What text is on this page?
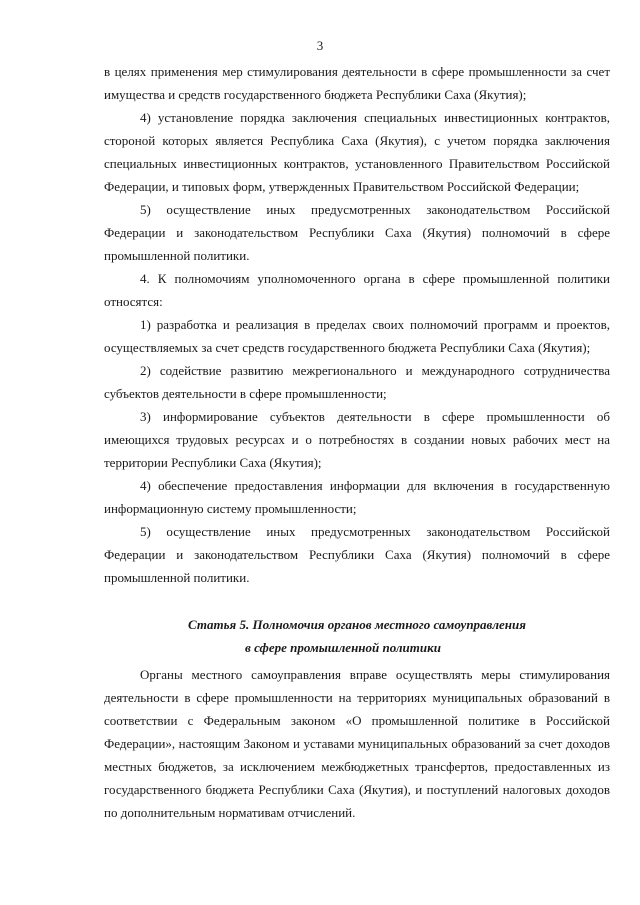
3

в целях применения мер стимулирования деятельности в сфере промышленности за счет имущества и средств государственного бюджета Республики Саха (Якутия);

4) установление порядка заключения специальных инвестиционных контрактов, стороной которых является Республика Саха (Якутия), с учетом порядка заключения специальных инвестиционных контрактов, установленного Правительством Российской Федерации, и типовых форм, утвержденных Правительством Российской Федерации;

5) осуществление иных предусмотренных законодательством Российской Федерации и законодательством Республики Саха (Якутия) полномочий в сфере промышленной политики.

4. К полномочиям уполномоченного органа в сфере промышленной политики относятся:

1) разработка и реализация в пределах своих полномочий программ и проектов, осуществляемых за счет средств государственного бюджета Республики Саха (Якутия);

2) содействие развитию межрегионального и международного сотрудничества субъектов деятельности в сфере промышленности;

3) информирование субъектов деятельности в сфере промышленности об имеющихся трудовых ресурсах и о потребностях в создании новых рабочих мест на территории Республики Саха (Якутия);

4) обеспечение предоставления информации для включения в государственную информационную систему промышленности;

5) осуществление иных предусмотренных законодательством Российской Федерации и законодательством Республики Саха (Якутия) полномочий в сфере промышленной политики.

Статья 5. Полномочия органов местного самоуправления
в сфере промышленной политики

Органы местного самоуправления вправе осуществлять меры стимулирования деятельности в сфере промышленности на территориях муниципальных образований в соответствии с Федеральным законом «О промышленной политике в Российской Федерации», настоящим Законом и уставами муниципальных образований за счет доходов местных бюджетов, за исключением межбюджетных трансфертов, предоставленных из государственного бюджета Республики Саха (Якутия), и поступлений налоговых доходов по дополнительным нормативам отчислений.
